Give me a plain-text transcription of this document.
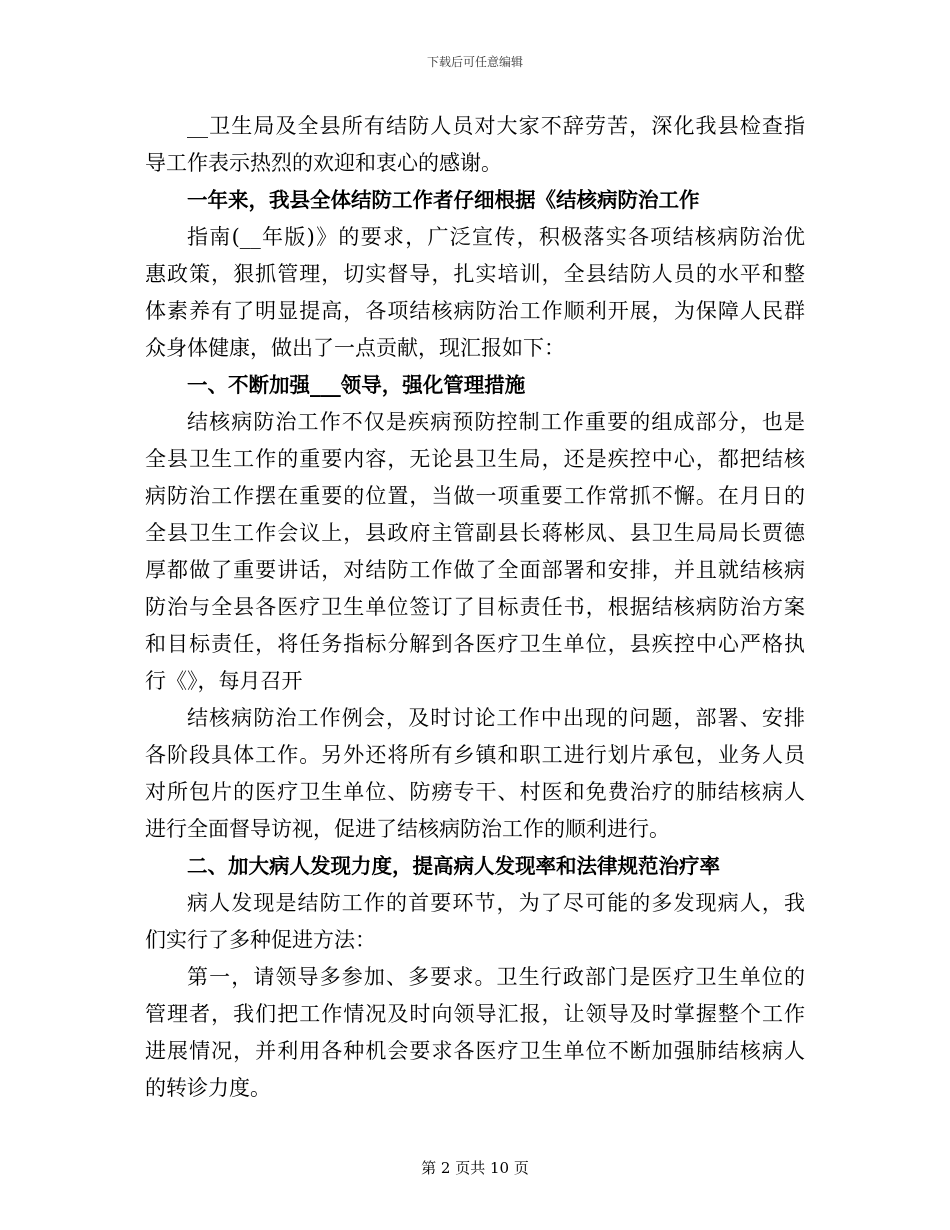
下载后可任意编辑
__卫生局及全县所有结防人员对大家不辞劳苦，深化我县检查指
导工作表示热烈的欢迎和衷心的感谢。
一年来，我县全体结防工作者仔细根据《结核病防治工作
指南(__年版)》的要求，广泛宣传，积极落实各项结核病防治优
惠政策，狠抓管理，切实督导，扎实培训，全县结防人员的水平和整
体素养有了明显提高，各项结核病防治工作顺利开展，为保障人民群
众身体健康，做出了一点贡献，现汇报如下：
一、不断加强___领导，强化管理措施
结核病防治工作不仅是疾病预防控制工作重要的组成部分，也是
全县卫生工作的重要内容，无论县卫生局，还是疾控中心，都把结核
病防治工作摆在重要的位置，当做一项重要工作常抓不懈。在月日的
全县卫生工作会议上，县政府主管副县长蒋彬凤、县卫生局局长贾德
厚都做了重要讲话，对结防工作做了全面部署和安排，并且就结核病
防治与全县各医疗卫生单位签订了目标责任书，根据结核病防治方案
和目标责任，将任务指标分解到各医疗卫生单位，县疾控中心严格执
行《》，每月召开
结核病防治工作例会，及时讨论工作中出现的问题，部署、安排
各阶段具体工作。另外还将所有乡镇和职工进行划片承包，业务人员
对所包片的医疗卫生单位、防痨专干、村医和免费治疗的肺结核病人
进行全面督导访视，促进了结核病防治工作的顺利进行。
二、加大病人发现力度，提高病人发现率和法律规范治疗率
病人发现是结防工作的首要环节，为了尽可能的多发现病人，我
们实行了多种促进方法：
第一，请领导多参加、多要求。卫生行政部门是医疗卫生单位的
管理者，我们把工作情况及时向领导汇报，让领导及时掌握整个工作
进展情况，并利用各种机会要求各医疗卫生单位不断加强肺结核病人
的转诊力度。
第 2 页共 10 页
